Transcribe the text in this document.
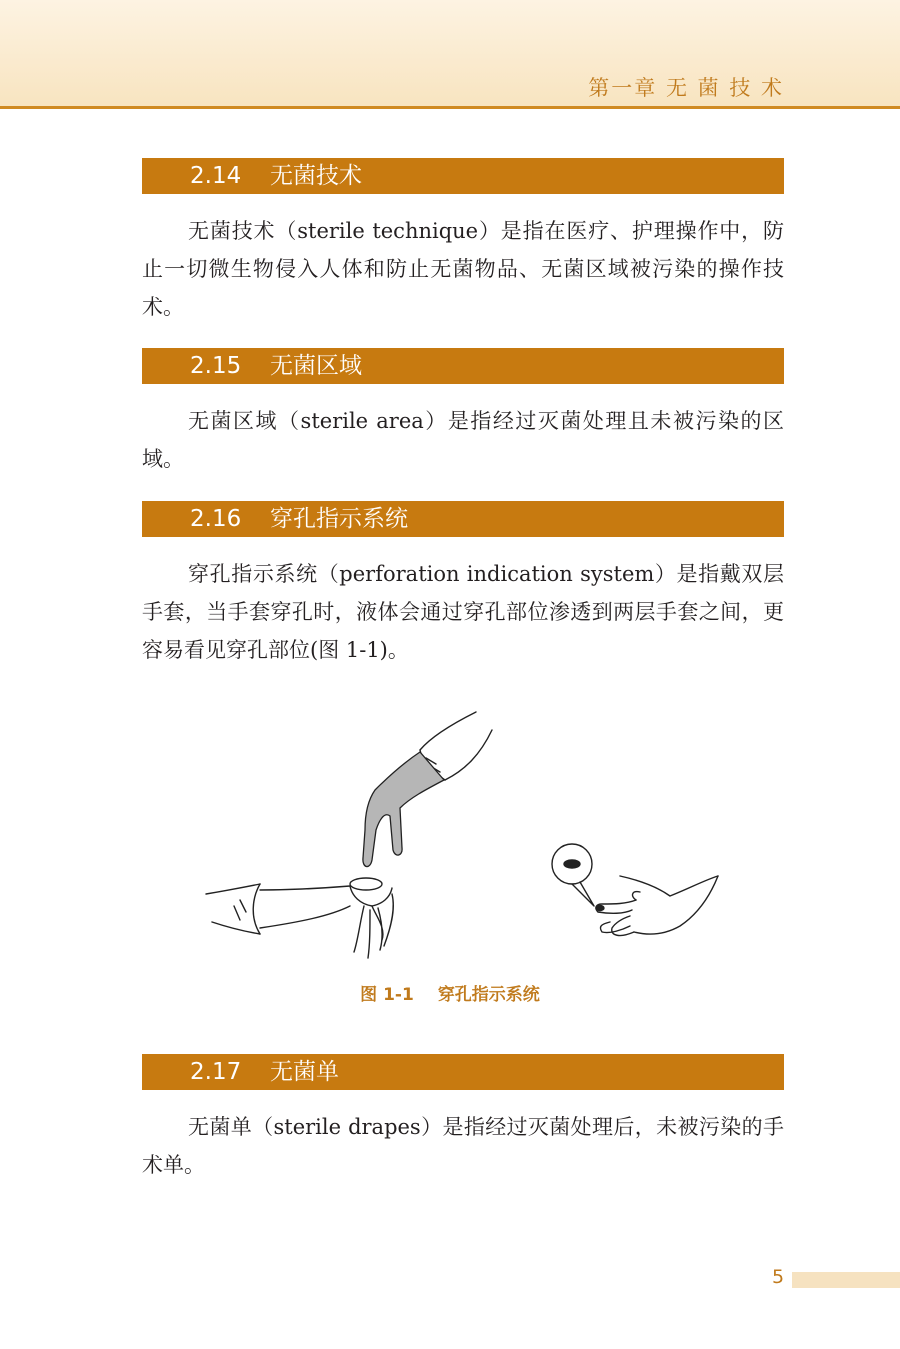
第一章 无 菌 技 术
2.14 无菌技术

无菌技术（sterile technique）是指在医疗、护理操作中，防止一切微生物侵入人体和防止无菌物品、无菌区域被污染的操作技术。

2.15 无菌区域

无菌区域（sterile area）是指经过灭菌处理且未被污染的区域。

2.16 穿孔指示系统

穿孔指示系统（perforation indication system）是指戴双层手套，当手套穿孔时，液体会通过穿孔部位渗透到两层手套之间，更容易看见穿孔部位(图 1-1)。

图 1-1 穿孔指示系统
2.17 无菌单

无菌单（sterile drapes）是指经过灭菌处理后，未被污染的手术单。

5
